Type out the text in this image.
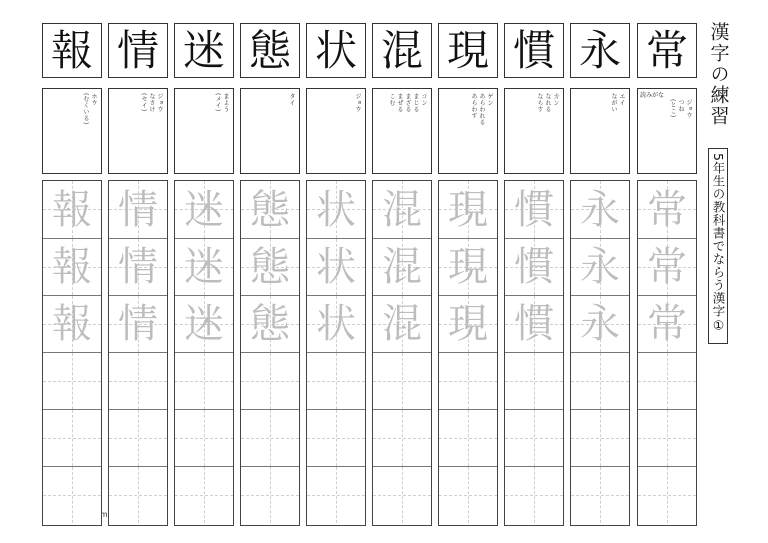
漢字の練習
5年生の教科書でならう漢字①
常
読みがな
ジョウ
つね
(とこ)
常
常
常
永
エイ
ながい
永
永
永
慣
カン
なれる
ならす
慣
慣
慣
現
ゲン
あらわれる
あらわす
現
現
現
混
コン
まじる
まざる
まぜる
こむ
混
混
混
状
ジョウ
状
状
状
態
タイ
態
態
態
迷
まよう
(メイ)
迷
迷
迷
情
ジョウ
なさけ
(セイ)
情
情
情
報
ホウ
(むくいる)
報
報
報
